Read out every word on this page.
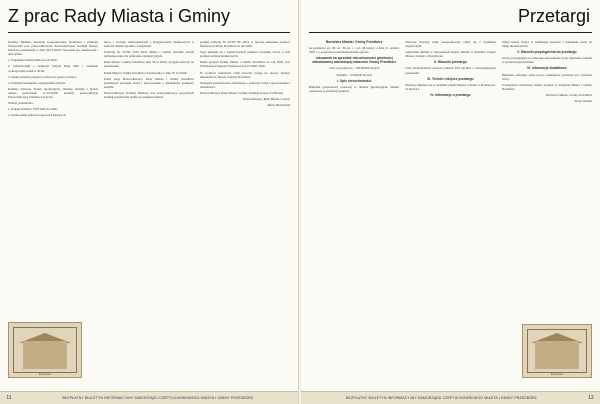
Z prac Rady Miasta i Gminy

Komisja Budżetu, Rozwoju Gospodarczego, Rolnictwa i Ochrony Środowiska pod przewodnictwem Przewodniczącej Komisji Renaty Marat na posiedzeniu w dniu 04.12.2019r. zapoznała się, analizowała i dała opinie:

1. Projektem budżetu MiG na rok 2020.

2. Informacjami o realizacji uchwał Rady MiG i ocenianie wykonywania zadań w 2019r.

3. Opiniowaniem projektów uchwał na sprawy bieżące.

4. Wolnymi wnioskami i zapytaniami radnych.

Komisja Zdrowia, Sportu Społecznych, Oświaty, Kultury i Sportu odbyła posiedzenie 11.12.2019r. Komisji przewodniczył Przewodniczący Zdzisław Łęczycki.

Tematy posiedzenia:

1. Projekt budżetu i WPF MiG na 2020.

2. Opiniowanie uchwał w sprawach bieżących.

mocy i rozwoju samorządowych i przygotowania budżetowych w zakresie działań zgodnie z przepisami.

Uchwałą Nr XVIII/ 2019 Rada Miasta i Gminy określiła zasady dofinansowania dla jednostek organizacyjnych.

Rada Miasta i Gminy Przedbórz dnia 30.12.2019r. przyjęła uchwały na posiedzeniu.

Radni Miasta i Gminy Przedbórz obradowania w dniu 30.12.2019r.

Przed sesją Przewodniczący Rady Miasta i Gminy Przedbórz przedstawił porządek obrad i sprawozdanie z działalności pomiędzy sesjami.

Przewodniczący Komisji Budżetu oraz przewodniczący pozostałych komisji przedstawili opinie do projektu budżetu.

podjęła uchwałę Nr XVIII/ 88 /2019 w sprawie udzielania pomocy finansowej Gminy Przedbórz na rok 2020.

Sesja składała się z zaplanowanych punktów porządku obrad, w tym podjęcia uchwał budżetowych.

Radni przyjęli budżet Miasta i Gminy Przedbórz na rok 2020 oraz Wieloletnią Prognozę Finansową na lata 2020–2029.

W wolnych wnioskach radni zwrócili uwagę na sprawy bieżące mieszkańców Miasta i Gminy Przedbórz.

Następnie przedstawiono informację o realizacji zadań i sprawozdania z działalności.

Przewodniczący Rady Miasta i Gminy zamknął obrady XVIII sesji.

Przewodniczący Rady Miasta i Gminy

Maria Michalczak

Przedbórz
11	BEZPŁATNY BIULETYN INFORMACYJNY SAMORZĄDU CZEPTUCHOWSKIEGO MIASTA I GMINY PRZEDBÓRZ
Przetargi

Burmistrz Miasta i Gminy Przedbórz

na podstawie art. 38, art. 39 ust. 1 i art. 40 ustawy z dnia 21 sierpnia 1997 r. o gospodarce nieruchomościami ogłasza

rokowania na sprzedaż nieruchomości gruntowej zabudowanej stanowiącej własność Gminy Przedbórz

Cena wywoławcza – 100.000,00 złotych

Wadium – 10.000,00 złotych

I. Opis nieruchomości

Budynek gospodarczy położony w obrębie geodezyjnym, działka oznaczona w ewidencji gruntów.

Pierwszy przetarg ustny nieograniczony odbył się z wynikiem negatywnym.

Zgłoszenia udziału w rokowaniach należy składać w siedzibie Urzędu Miasta i Gminy w Przedborzu.

II. Warunki przetargu

Cena nieruchomości zawiera podatek VAT zgodnie z obowiązującymi przepisami.

III. Termin i miejsce przetargu

Przetarg odbędzie się w siedzibie Urzędu Miasta i Gminy w Przedborzu, ul. Rynek 1.

IV. Informacje o przetargu

Oferty należy złożyć w zamkniętej kopercie z dopiskiem oferty na zakup nieruchomości.

V. Warunki przystąpienia do przetargu

Osoby przystępujące do przetargu zobowiązane są do wpłacenia wadium w wyznaczonym terminie.

VI. Informacje dodatkowe

Burmistrz zastrzega sobie prawo zamknięcia przetargu bez wybrania oferty.

Szczegółowe informacje można uzyskać w Urzędzie Miasta i Gminy Przedbórz.

Burmistrz Miasta i Gminy Przedbórz

Alicja Szołska

Przedbórz
BEZPŁATNY BIULETYN INFORMACYJNY SAMORZĄDU CZEPTUCHOWSKIEGO MIASTA I GMINY PRZEDBÓRZ	12
